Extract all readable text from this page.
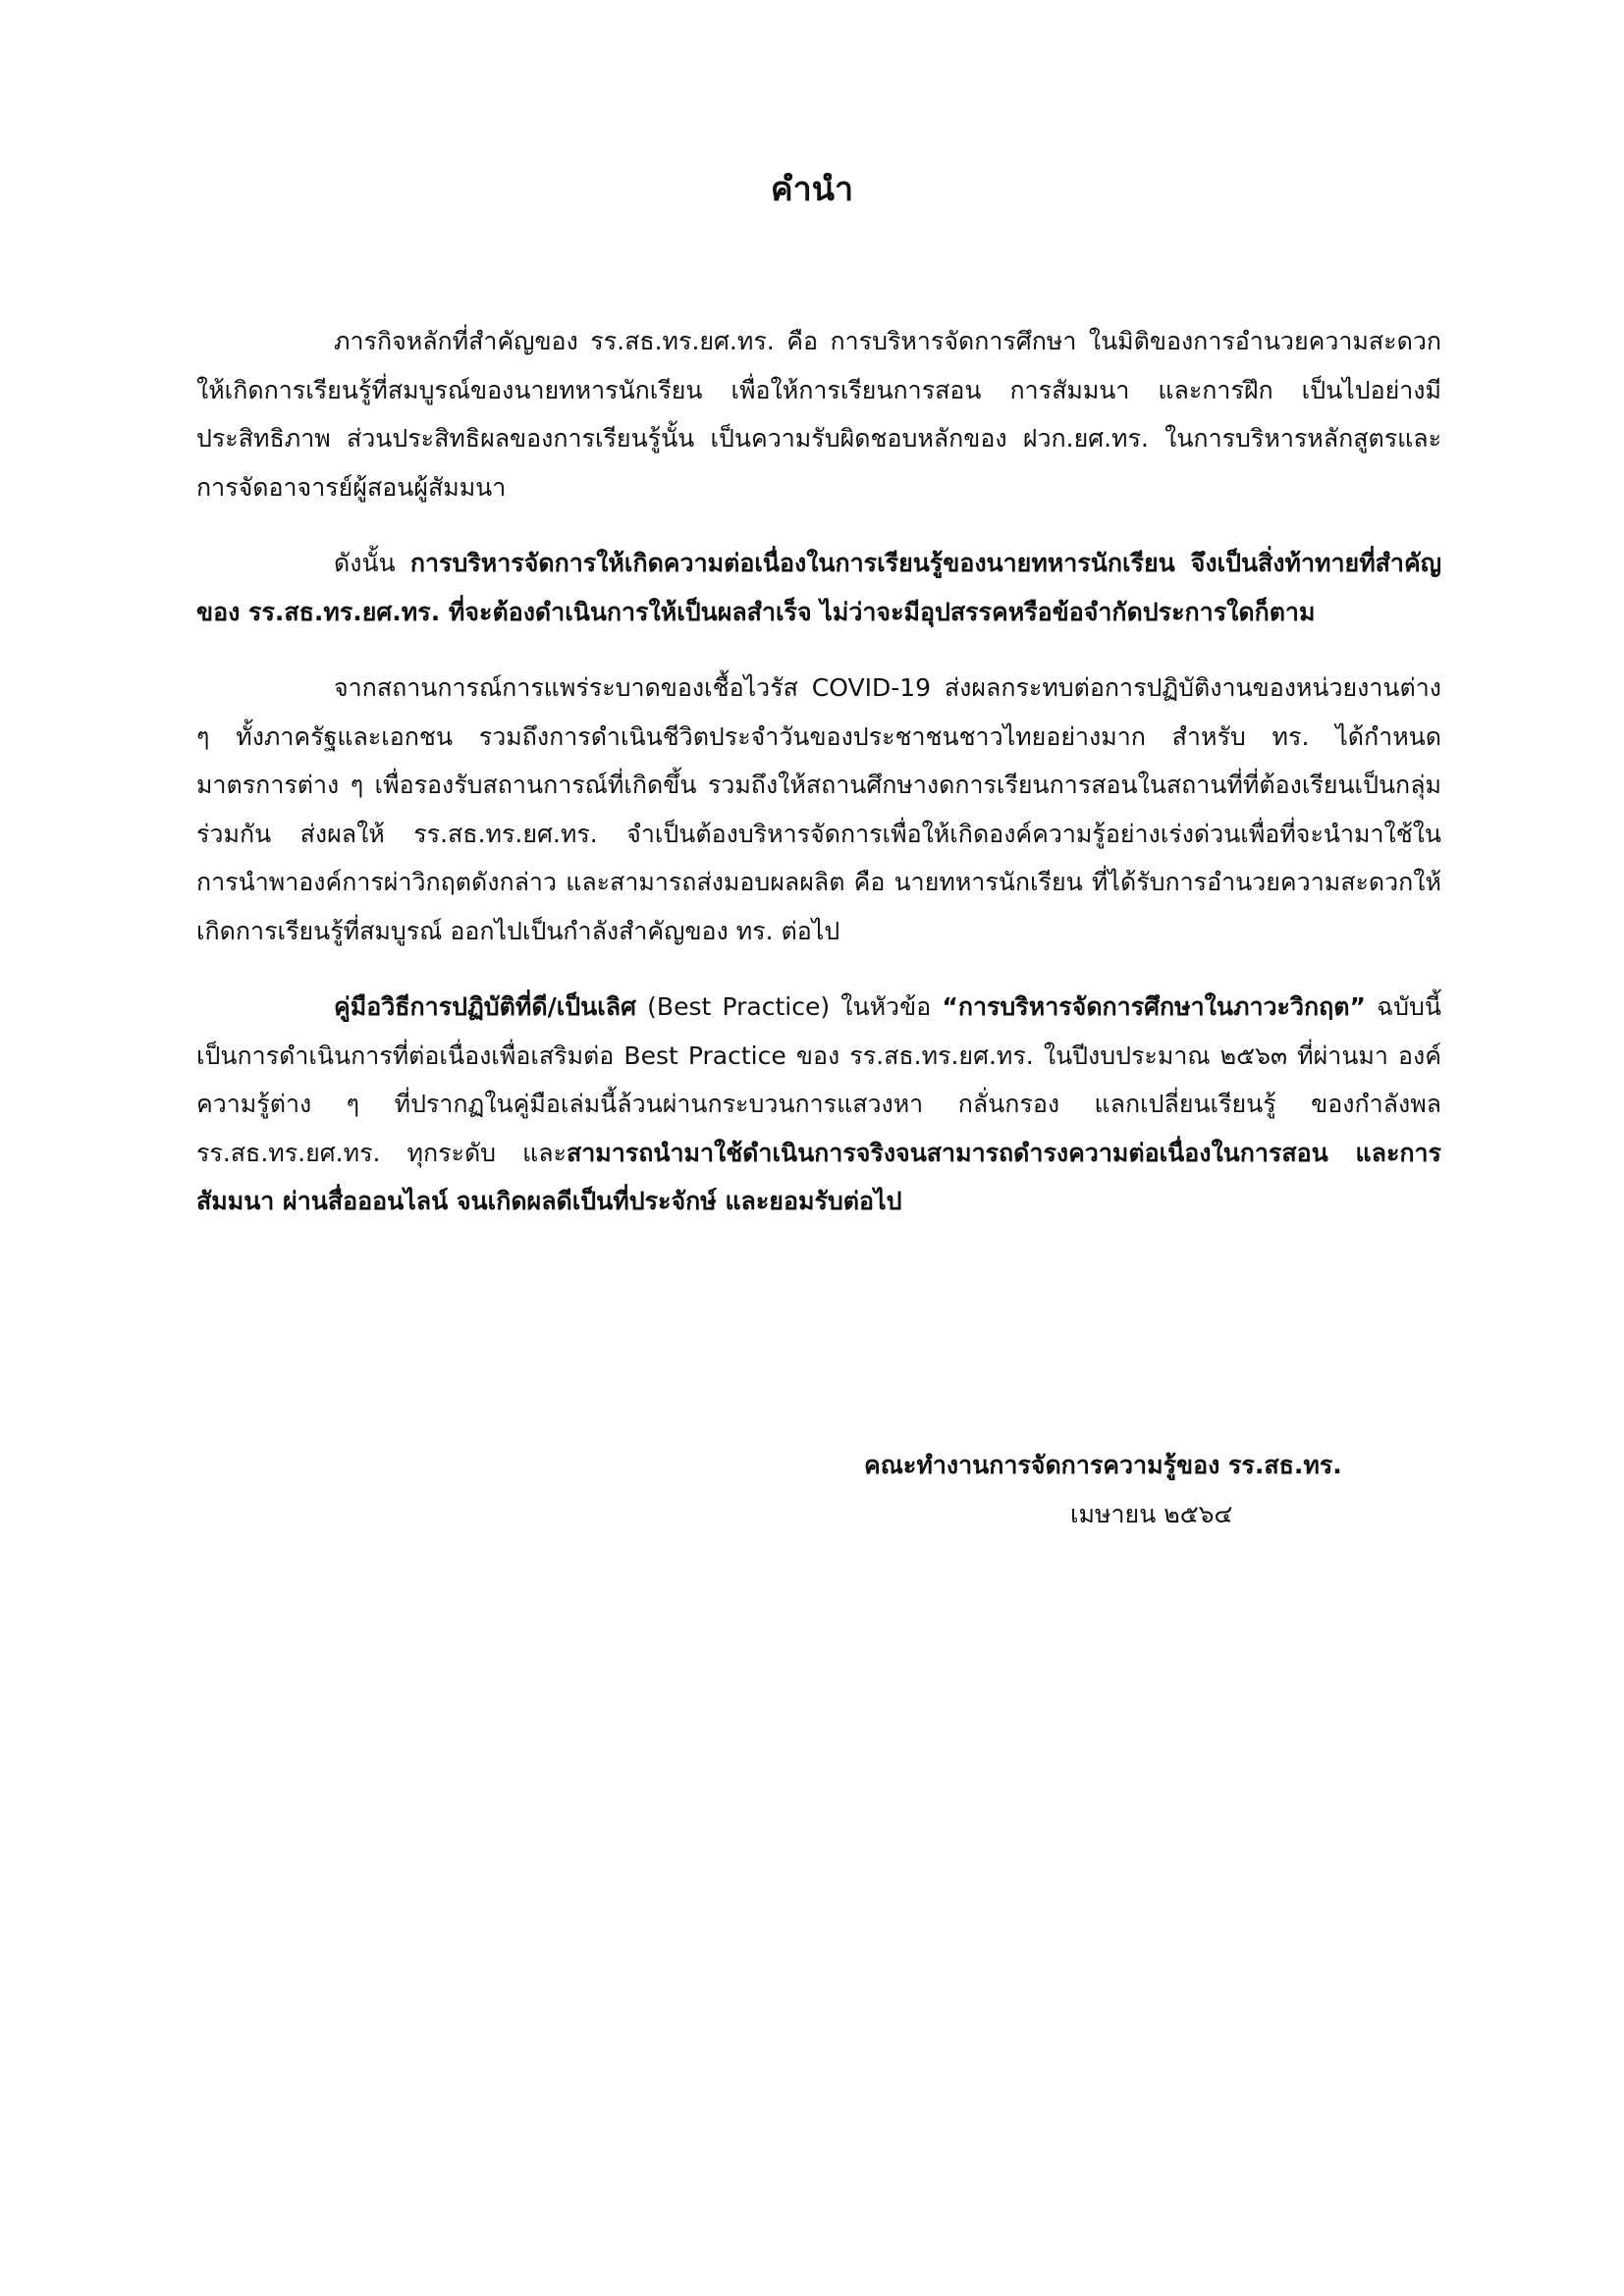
คำนำ

ภารกิจหลักที่สำคัญของ รร.สธ.ทร.ยศ.ทร. คือ การบริหารจัดการศึกษา ในมิติของการอำนวยความสะดวกให้เกิดการเรียนรู้ที่สมบูรณ์ของนายทหารนักเรียน เพื่อให้การเรียนการสอน การสัมมนา และการฝึก เป็นไปอย่างมีประสิทธิภาพ ส่วนประสิทธิผลของการเรียนรู้นั้น เป็นความรับผิดชอบหลักของ ฝวก.ยศ.ทร. ในการบริหารหลักสูตรและการจัดอาจารย์ผู้สอนผู้สัมมนา

ดังนั้น การบริหารจัดการให้เกิดความต่อเนื่องในการเรียนรู้ของนายทหารนักเรียน จึงเป็นสิ่งท้าทายที่สำคัญของ รร.สธ.ทร.ยศ.ทร. ที่จะต้องดำเนินการให้เป็นผลสำเร็จ ไม่ว่าจะมีอุปสรรคหรือข้อจำกัดประการใดก็ตาม

จากสถานการณ์การแพร่ระบาดของเชื้อไวรัส COVID-19 ส่งผลกระทบต่อการปฏิบัติงานของหน่วยงานต่าง ๆ ทั้งภาครัฐและเอกชน รวมถึงการดำเนินชีวิตประจำวันของประชาชนชาวไทยอย่างมาก สำหรับ ทร. ได้กำหนดมาตรการต่าง ๆ เพื่อรองรับสถานการณ์ที่เกิดขึ้น รวมถึงให้สถานศึกษางดการเรียนการสอนในสถานที่ที่ต้องเรียนเป็นกลุ่มร่วมกัน ส่งผลให้ รร.สธ.ทร.ยศ.ทร. จำเป็นต้องบริหารจัดการเพื่อให้เกิดองค์ความรู้อย่างเร่งด่วนเพื่อที่จะนำมาใช้ในการนำพาองค์การผ่าวิกฤตดังกล่าว และสามารถส่งมอบผลผลิต คือ นายทหารนักเรียน ที่ได้รับการอำนวยความสะดวกให้เกิดการเรียนรู้ที่สมบูรณ์ ออกไปเป็นกำลังสำคัญของ ทร. ต่อไป

คู่มือวิธีการปฏิบัติที่ดี/เป็นเลิศ (Best Practice) ในหัวข้อ “การบริหารจัดการศึกษาในภาวะวิกฤต” ฉบับนี้ เป็นการดำเนินการที่ต่อเนื่องเพื่อเสริมต่อ Best Practice ของ รร.สธ.ทร.ยศ.ทร. ในปีงบประมาณ ๒๕๖๓ ที่ผ่านมา องค์ความรู้ต่าง ๆ ที่ปรากฏในคู่มือเล่มนี้ล้วนผ่านกระบวนการแสวงหา กลั่นกรอง แลกเปลี่ยนเรียนรู้ ของกำลังพล รร.สธ.ทร.ยศ.ทร. ทุกระดับ และสามารถนำมาใช้ดำเนินการจริงจนสามารถดำรงความต่อเนื่องในการสอน และการสัมมนา ผ่านสื่อออนไลน์ จนเกิดผลดีเป็นที่ประจักษ์ และยอมรับต่อไป

คณะทำงานการจัดการความรู้ของ รร.สธ.ทร.

เมษายน ๒๕๖๔
